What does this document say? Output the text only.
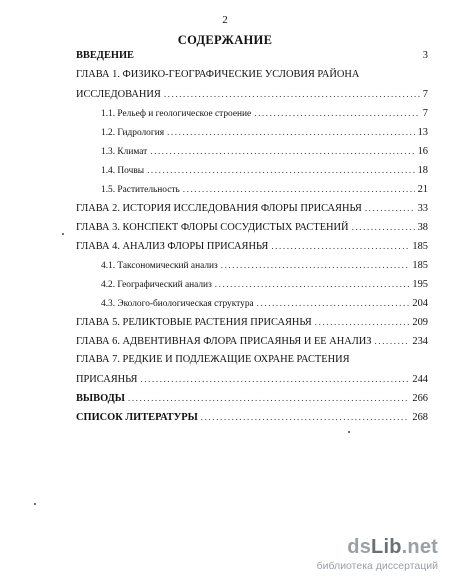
2
СОДЕРЖАНИЕ
ВВЕДЕНИЕ	3
ГЛАВА 1. ФИЗИКО-ГЕОГРАФИЧЕСКИЕ УСЛОВИЯ РАЙОНА
ИССЛЕДОВАНИЯ .....	7
1.1. Рельеф и геологическое строение .....	7
1.2. Гидрология .....	13
1.3. Климат .....	16
1.4. Почвы .....	18
1.5. Растительность .....	21
ГЛАВА 2. ИСТОРИЯ ИССЛЕДОВАНИЯ ФЛОРЫ ПРИСАЯНЬЯ .....	33
ГЛАВА 3. КОНСПЕКТ ФЛОРЫ СОСУДИСТЫХ РАСТЕНИЙ .....	38
ГЛАВА 4. АНАЛИЗ ФЛОРЫ ПРИСАЯНЬЯ .....	185
4.1. Таксономический анализ .....	185
4.2. Географический анализ .....	195
4.3. Эколого-биологическая структура .....	204
ГЛАВА 5. РЕЛИКТОВЫЕ РАСТЕНИЯ ПРИСАЯНЬЯ .....	209
ГЛАВА 6. АДВЕНТИВНАЯ ФЛОРА ПРИСАЯНЬЯ И ЕЕ АНАЛИЗ .....	234
ГЛАВА 7. РЕДКИЕ И ПОДЛЕЖАЩИЕ ОХРАНЕ РАСТЕНИЯ
ПРИСАЯНЬЯ .....	244
ВЫВОДЫ .....	266
СПИСОК ЛИТЕРАТУРЫ .....	268
dsLib.net
библиотека диссертаций
